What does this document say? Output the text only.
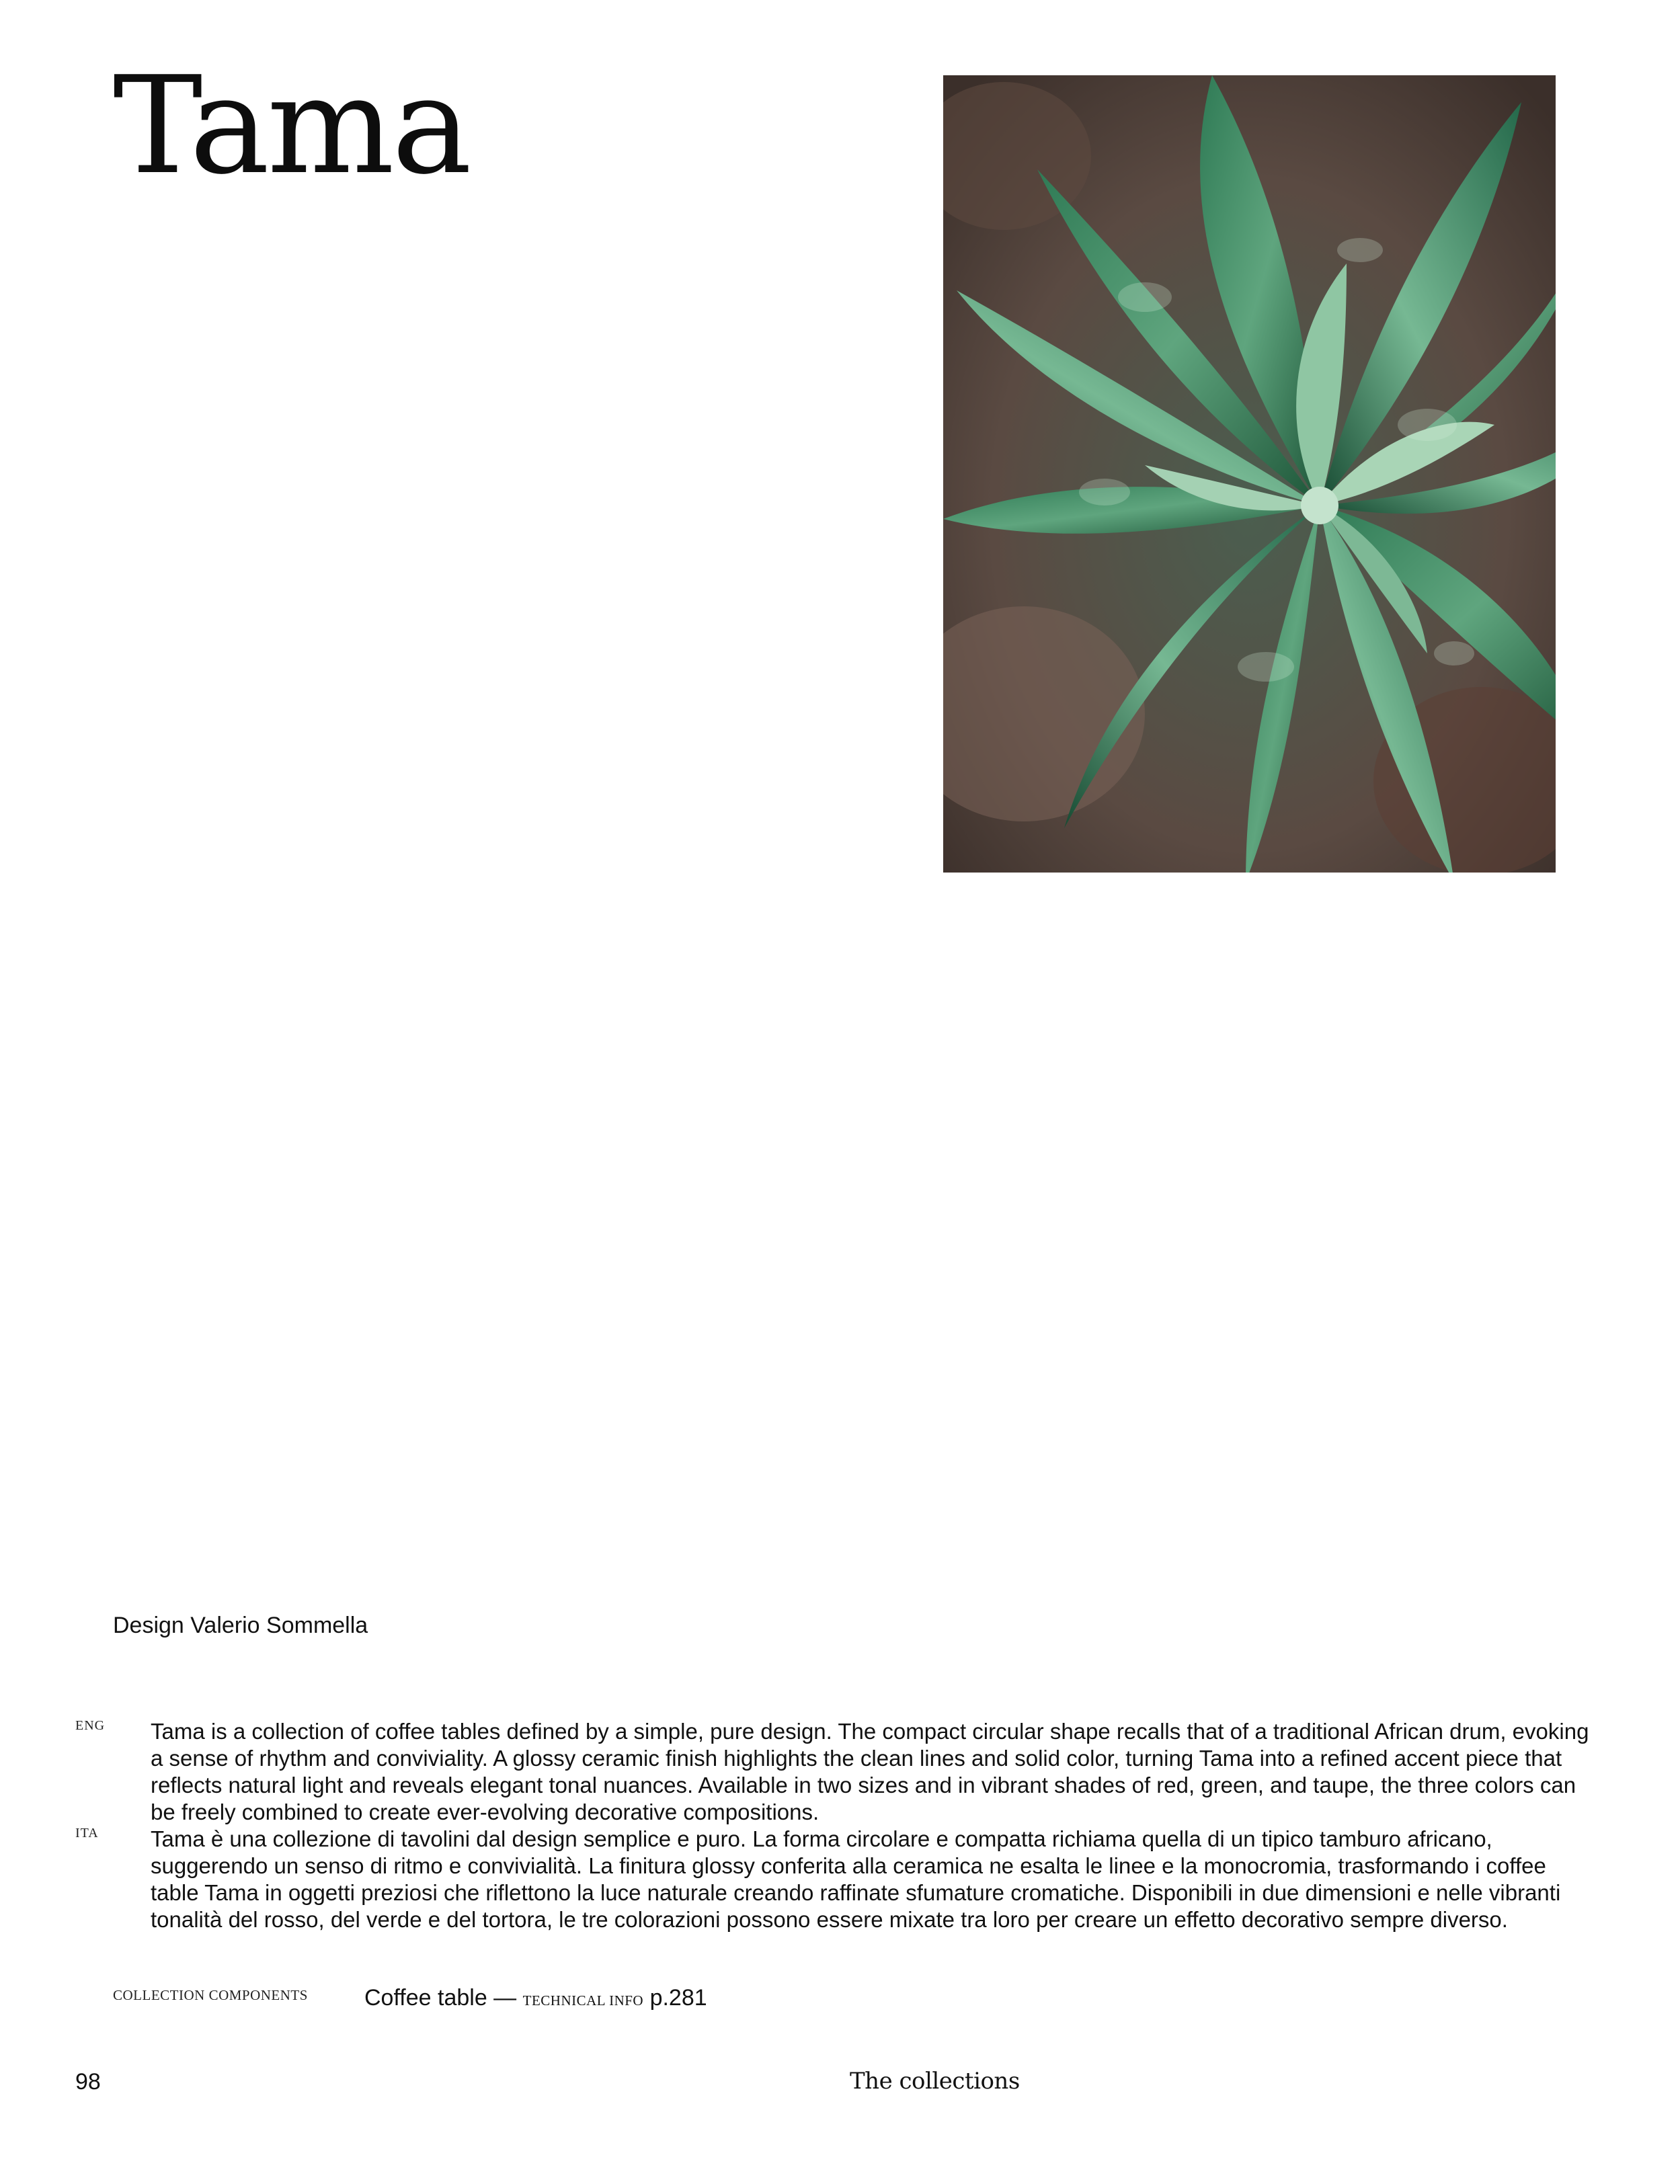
Tama
Design Valerio Sommella
ENG Tama is a collection of coffee tables defined by a simple, pure design. The compact circular shape recalls that of a traditional African drum, evoking a sense of rhythm and conviviality. A glossy ceramic finish highlights the clean lines and solid color, turning Tama into a refined accent piece that reflects natural light and reveals elegant tonal nuances. Available in two sizes and in vibrant shades of red, green, and taupe, the three colors can be freely combined to create ever-evolving decorative compositions.

ITA Tama è una collezione di tavolini dal design semplice e puro. La forma circolare e compatta richiama quella di un tipico tamburo africano, suggerendo un senso di ritmo e convivialità. La finitura glossy conferita alla ceramica ne esalta le linee e la monocromia, trasformando i coffee table Tama in oggetti preziosi che riflettono la luce naturale creando raffinate sfumature cromatiche. Disponibili in due dimensioni e nelle vibranti tonalità del rosso, del verde e del tortora, le tre colorazioni possono essere mixate tra loro per creare un effetto decorativo sempre diverso.

COLLECTION COMPONENTS Coffee table — TECHNICAL INFO p.281
98	The collections
